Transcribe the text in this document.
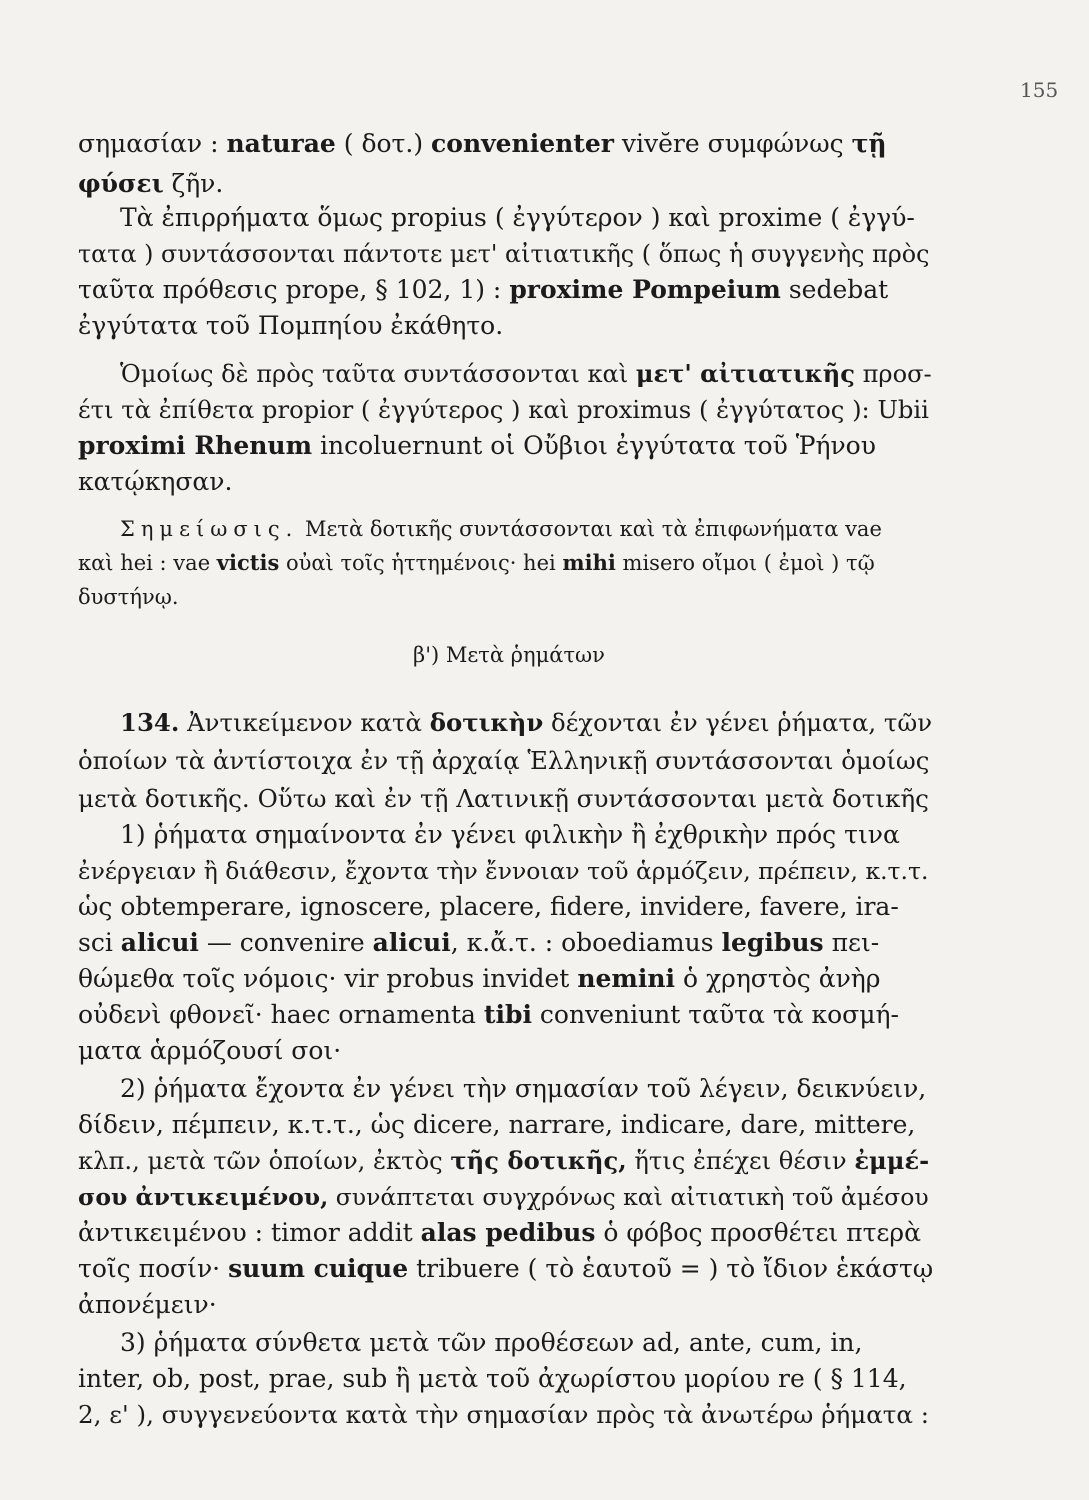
155
σημασίαν : naturae ( δοτ.) convenienter vivĕre συμφώνως τῇ
φύσει ζῆν.
Τὰ ἐπιρρήματα ὅμως propius ( ἐγγύτερον ) καὶ proxime ( ἐγγύ-
τατα ) συντάσσονται πάντοτε μετ' αἰτιατικῆς ( ὅπως ἡ συγγενὴς πρὸς
ταῦτα πρόθεσις prope, § 102, 1) : proxime Pompeium sedebat
ἐγγύτατα τοῦ Πομπηίου ἐκάθητο.
Ὁμοίως δὲ πρὸς ταῦτα συντάσσονται καὶ μετ' αἰτιατικῆς προσ-
έτι τὰ ἐπίθετα propior ( ἐγγύτερος ) καὶ proximus ( ἐγγύτατος ): Ubii
proximi Rhenum incoluernunt οἱ Οὔβιοι ἐγγύτατα τοῦ Ῥήνου
κατῴκησαν.
Σημείωσις. Μετὰ δοτικῆς συντάσσονται καὶ τὰ ἐπιφωνήματα vae
καὶ hei : vae victis οὐαὶ τοῖς ἡττημένοις· hei mihi misero οἴμοι ( ἐμοὶ ) τῷ
δυστήνῳ.
β') Μετὰ ῥημάτων
134. Ἀντικείμενον κατὰ δοτικὴν δέχονται ἐν γένει ῥήματα, τῶν
ὁποίων τὰ ἀντίστοιχα ἐν τῇ ἀρχαίᾳ Ἑλληνικῇ συντάσσονται ὁμοίως
μετὰ δοτικῆς. Οὕτω καὶ ἐν τῇ Λατινικῇ συντάσσονται μετὰ δοτικῆς
1) ῥήματα σημαίνοντα ἐν γένει φιλικὴν ἢ ἐχθρικὴν πρός τινα
ἐνέργειαν ἢ διάθεσιν, ἔχοντα τὴν ἔννοιαν τοῦ ἁρμόζειν, πρέπειν, κ.τ.τ.
ὡς obtemperare, ignoscere, placere, fidere, invidere, favere, ira-
sci alicui — convenire alicui, κ.ἄ.τ. : oboediamus legibus πει-
θώμεθα τοῖς νόμοις· vir probus invidet nemini ὁ χρηστὸς ἀνὴρ
οὐδενὶ φθονεῖ· haec ornamenta tibi conveniunt ταῦτα τὰ κοσμή-
ματα ἁρμόζουσί σοι·
2) ῥήματα ἔχοντα ἐν γένει τὴν σημασίαν τοῦ λέγειν, δεικνύειν,
δίδειν, πέμπειν, κ.τ.τ., ὡς dicere, narrare, indicare, dare, mittere,
κλπ., μετὰ τῶν ὁποίων, ἐκτὸς τῆς δοτικῆς, ἥτις ἐπέχει θέσιν ἐμμέ-
σου ἀντικειμένου, συνάπτεται συγχρόνως καὶ αἰτιατικὴ τοῦ ἀμέσου
ἀντικειμένου : timor addit alas pedibus ὁ φόβος προσθέτει πτερὰ
τοῖς ποσίν· suum cuique tribuere ( τὸ ἑαυτοῦ = ) τὸ ἴδιον ἑκάστῳ
ἀπονέμειν·
3) ῥήματα σύνθετα μετὰ τῶν προθέσεων ad, ante, cum, in,
inter, ob, post, prae, sub ἢ μετὰ τοῦ ἀχωρίστου μορίου re ( § 114,
2, ε' ), συγγενεύοντα κατὰ τὴν σημασίαν πρὸς τὰ ἀνωτέρω ῥήματα :
